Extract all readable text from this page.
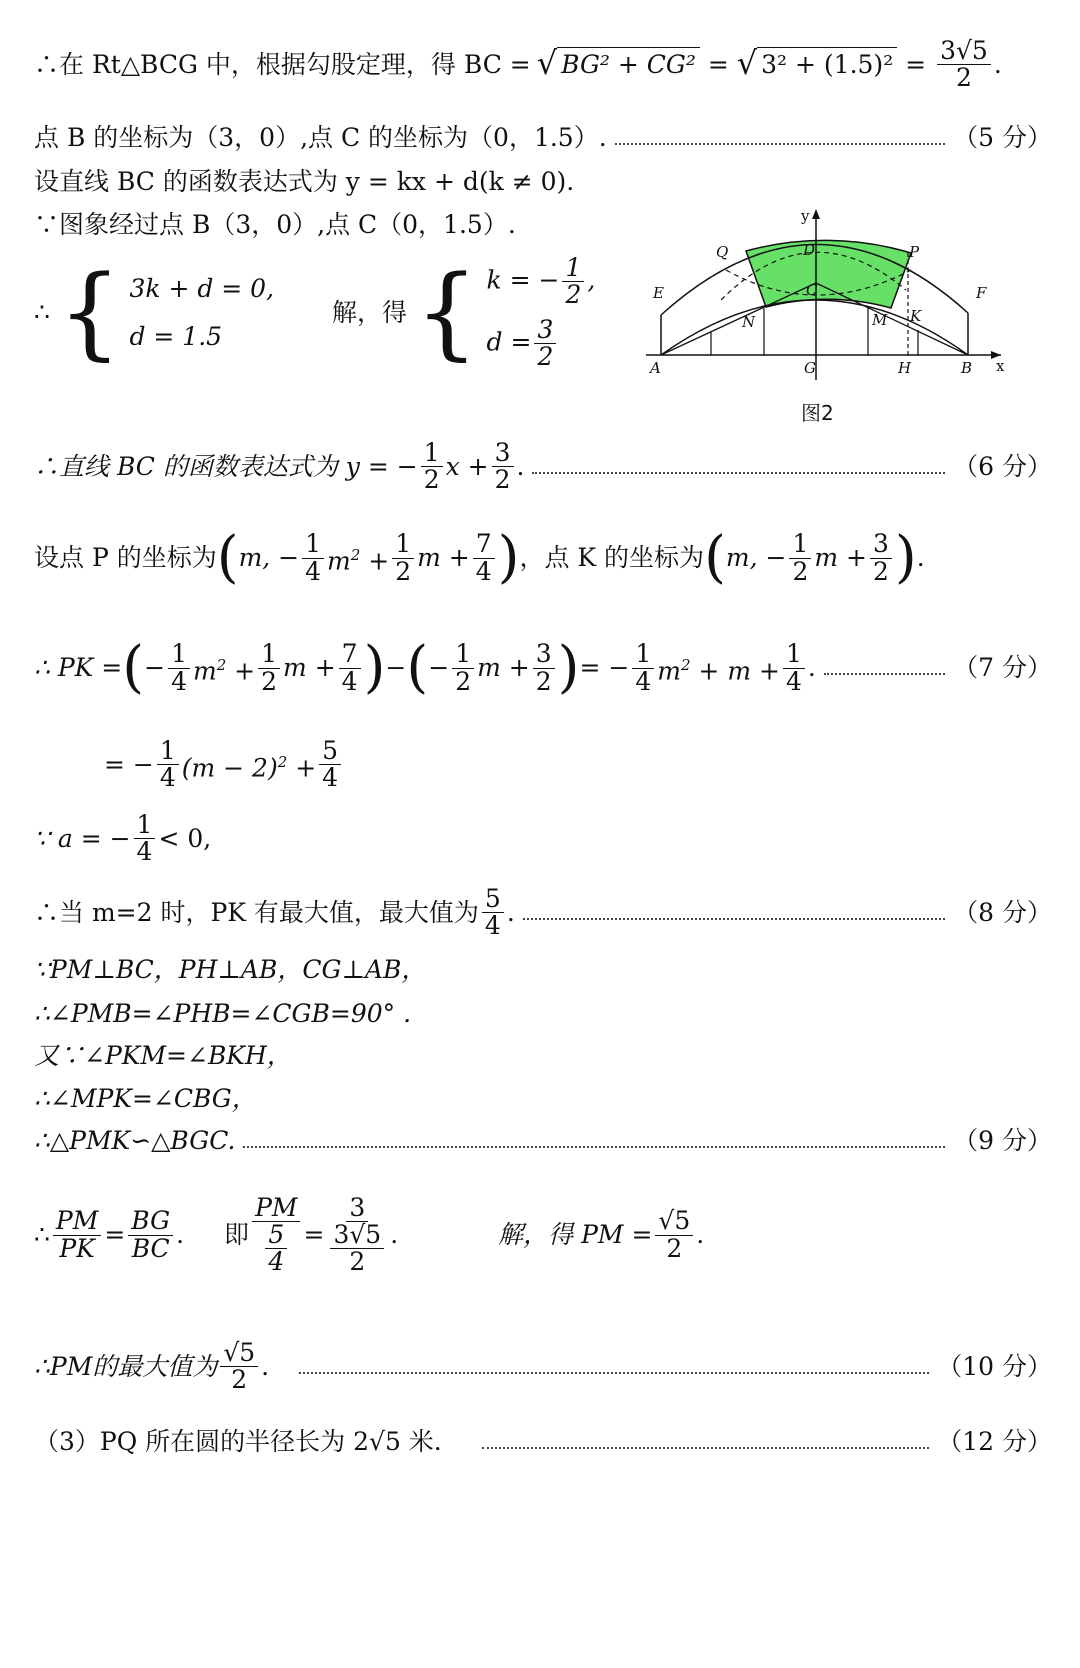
∴在 Rt△BCG 中，根据勾股定理，得 BC = √ BG² + CG² = √ $3^2 + (1.5)^2 = \frac{3√5}{2}$ .
点 B 的坐标为（3，0）,点 C 的坐标为（0，1.5）.	（5 分）
设直线 BC 的函数表达式为 y = kx + d(k ≠ 0).
∵图象经过点 B（3，0）,点 C（0，1.5）.
∴ { 3k + d = 0,
d = 1.5
解，得 { k = − $\frac{1}{2}$ ,
$d = \frac{3}{2}$
y
x
Q	D	P
E	F
C
N	M K
A	G	H	B
图2
∴直线 BC 的函数表达式为 y = − $\frac{1}{2}$ $x + \frac{3}{2}$ .	（6 分）
设点 P 的坐标为 ( m, − $\frac{1}{4} m^2 + \frac{1}{2}$ $m + \frac{7}{4}$ ) ，点 K 的坐标为 ( m, − $\frac{1}{2}$ $m + \frac{3}{2}$ ) .
∴ PK = ( − $\frac{1}{4} m^2 + \frac{1}{2}$ $m + \frac{7}{4}$ ) − ( − $\frac{1}{2}$ $m + \frac{3}{2}$ ) = − $\frac{1}{4} m^2 + m + \frac{1}{4}$ .	（7 分）
= − $\frac{1}{4} (m - 2)^2 + \frac{5}{4}$
∵ a = − $\frac{1}{4} < 0$,
∴当 m=2 时，PK 有最大值，最大值为 $\frac{5}{4}$ .	（8 分）
∵PM⊥BC，PH⊥AB，CG⊥AB，
∴∠PMB=∠PHB=∠CGB=90° .
又∵∠PKM=∠BKH，
∴∠MPK=∠CBG，
∴△PMK∽△BGC.	（9 分）
∴ $\frac{PM}{PK} = \frac{BG}{BC}$ . 即 $\frac{PM}{\frac{5}{4}} = \frac{3}{\frac{3√5}{2}}$ .	解，得 PM = $\frac{√5}{2}$ .
∴PM的最大值为 $\frac{√5}{2}$ .	（10 分）
（3）PQ 所在圆的半径长为 2√5 米.	（12 分）
